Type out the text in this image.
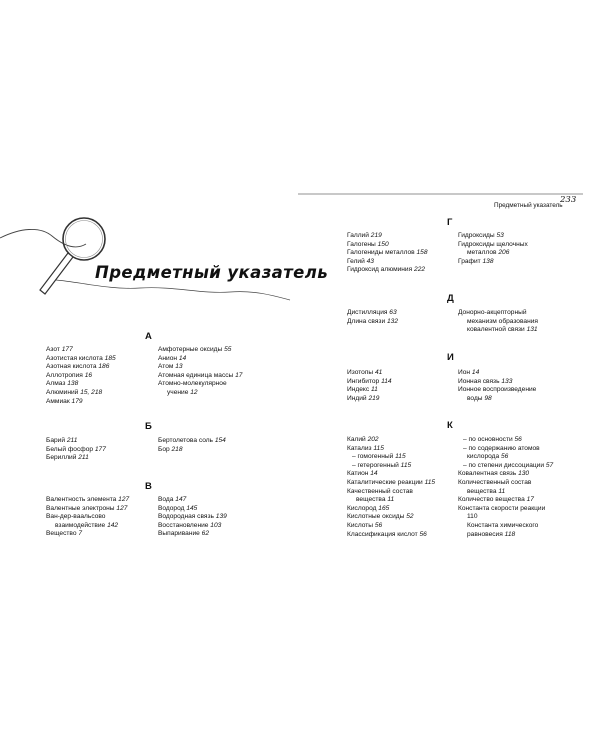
Предметный указатель
233
Предметный указатель
А
Азот 177
Азотистая кислота 185
Азотная кислота 186
Аллотропия 16
Алмаз 138
Алюминий 15, 218
Аммиак 179
Амфотерные оксиды 55
Анион 14
Атом 13
Атомная единица массы 17
Атомно-молекулярное
учение 12
Б
Барий 211
Белый фосфор 177
Бериллий 211
Бертолетова соль 154
Бор 218
В
Валентность элемента 127
Валентные электроны 127
Ван-дер-ваальсово
взаимодействие 142
Вещество 7
Вода 147
Водород 145
Водородная связь 139
Восстановление 103
Выпаривание 62
Г
Галлий 219
Галогены 150
Галогениды металлов 158
Гелий 43
Гидроксид алюминия 222
Гидроксиды 53
Гидроксиды щелочных
металлов 206
Графит 138
Д
Дистилляция 63
Длина связи 132
Донорно-акцепторный
механизм образования
ковалентной связи 131
И
Изотопы 41
Ингибитор 114
Индекс 11
Индий 219
Ион 14
Ионная связь 133
Ионное воспроизведение
воды 98
К
Калий 202
Катализ 115
– гомогенный 115
– гетерогенный 115
Катион 14
Каталитические реакции 115
Качественный состав
вещества 11
Кислород 165
Кислотные оксиды 52
Кислоты 56
Классификация кислот 56
– по основности 56
– по содержанию атомов
кислорода 56
– по степени диссоциации 57
Ковалентная связь 130
Количественный состав
вещества 11
Количество вещества 17
Константа скорости реакции
110
Константа химического
равновесия 118
